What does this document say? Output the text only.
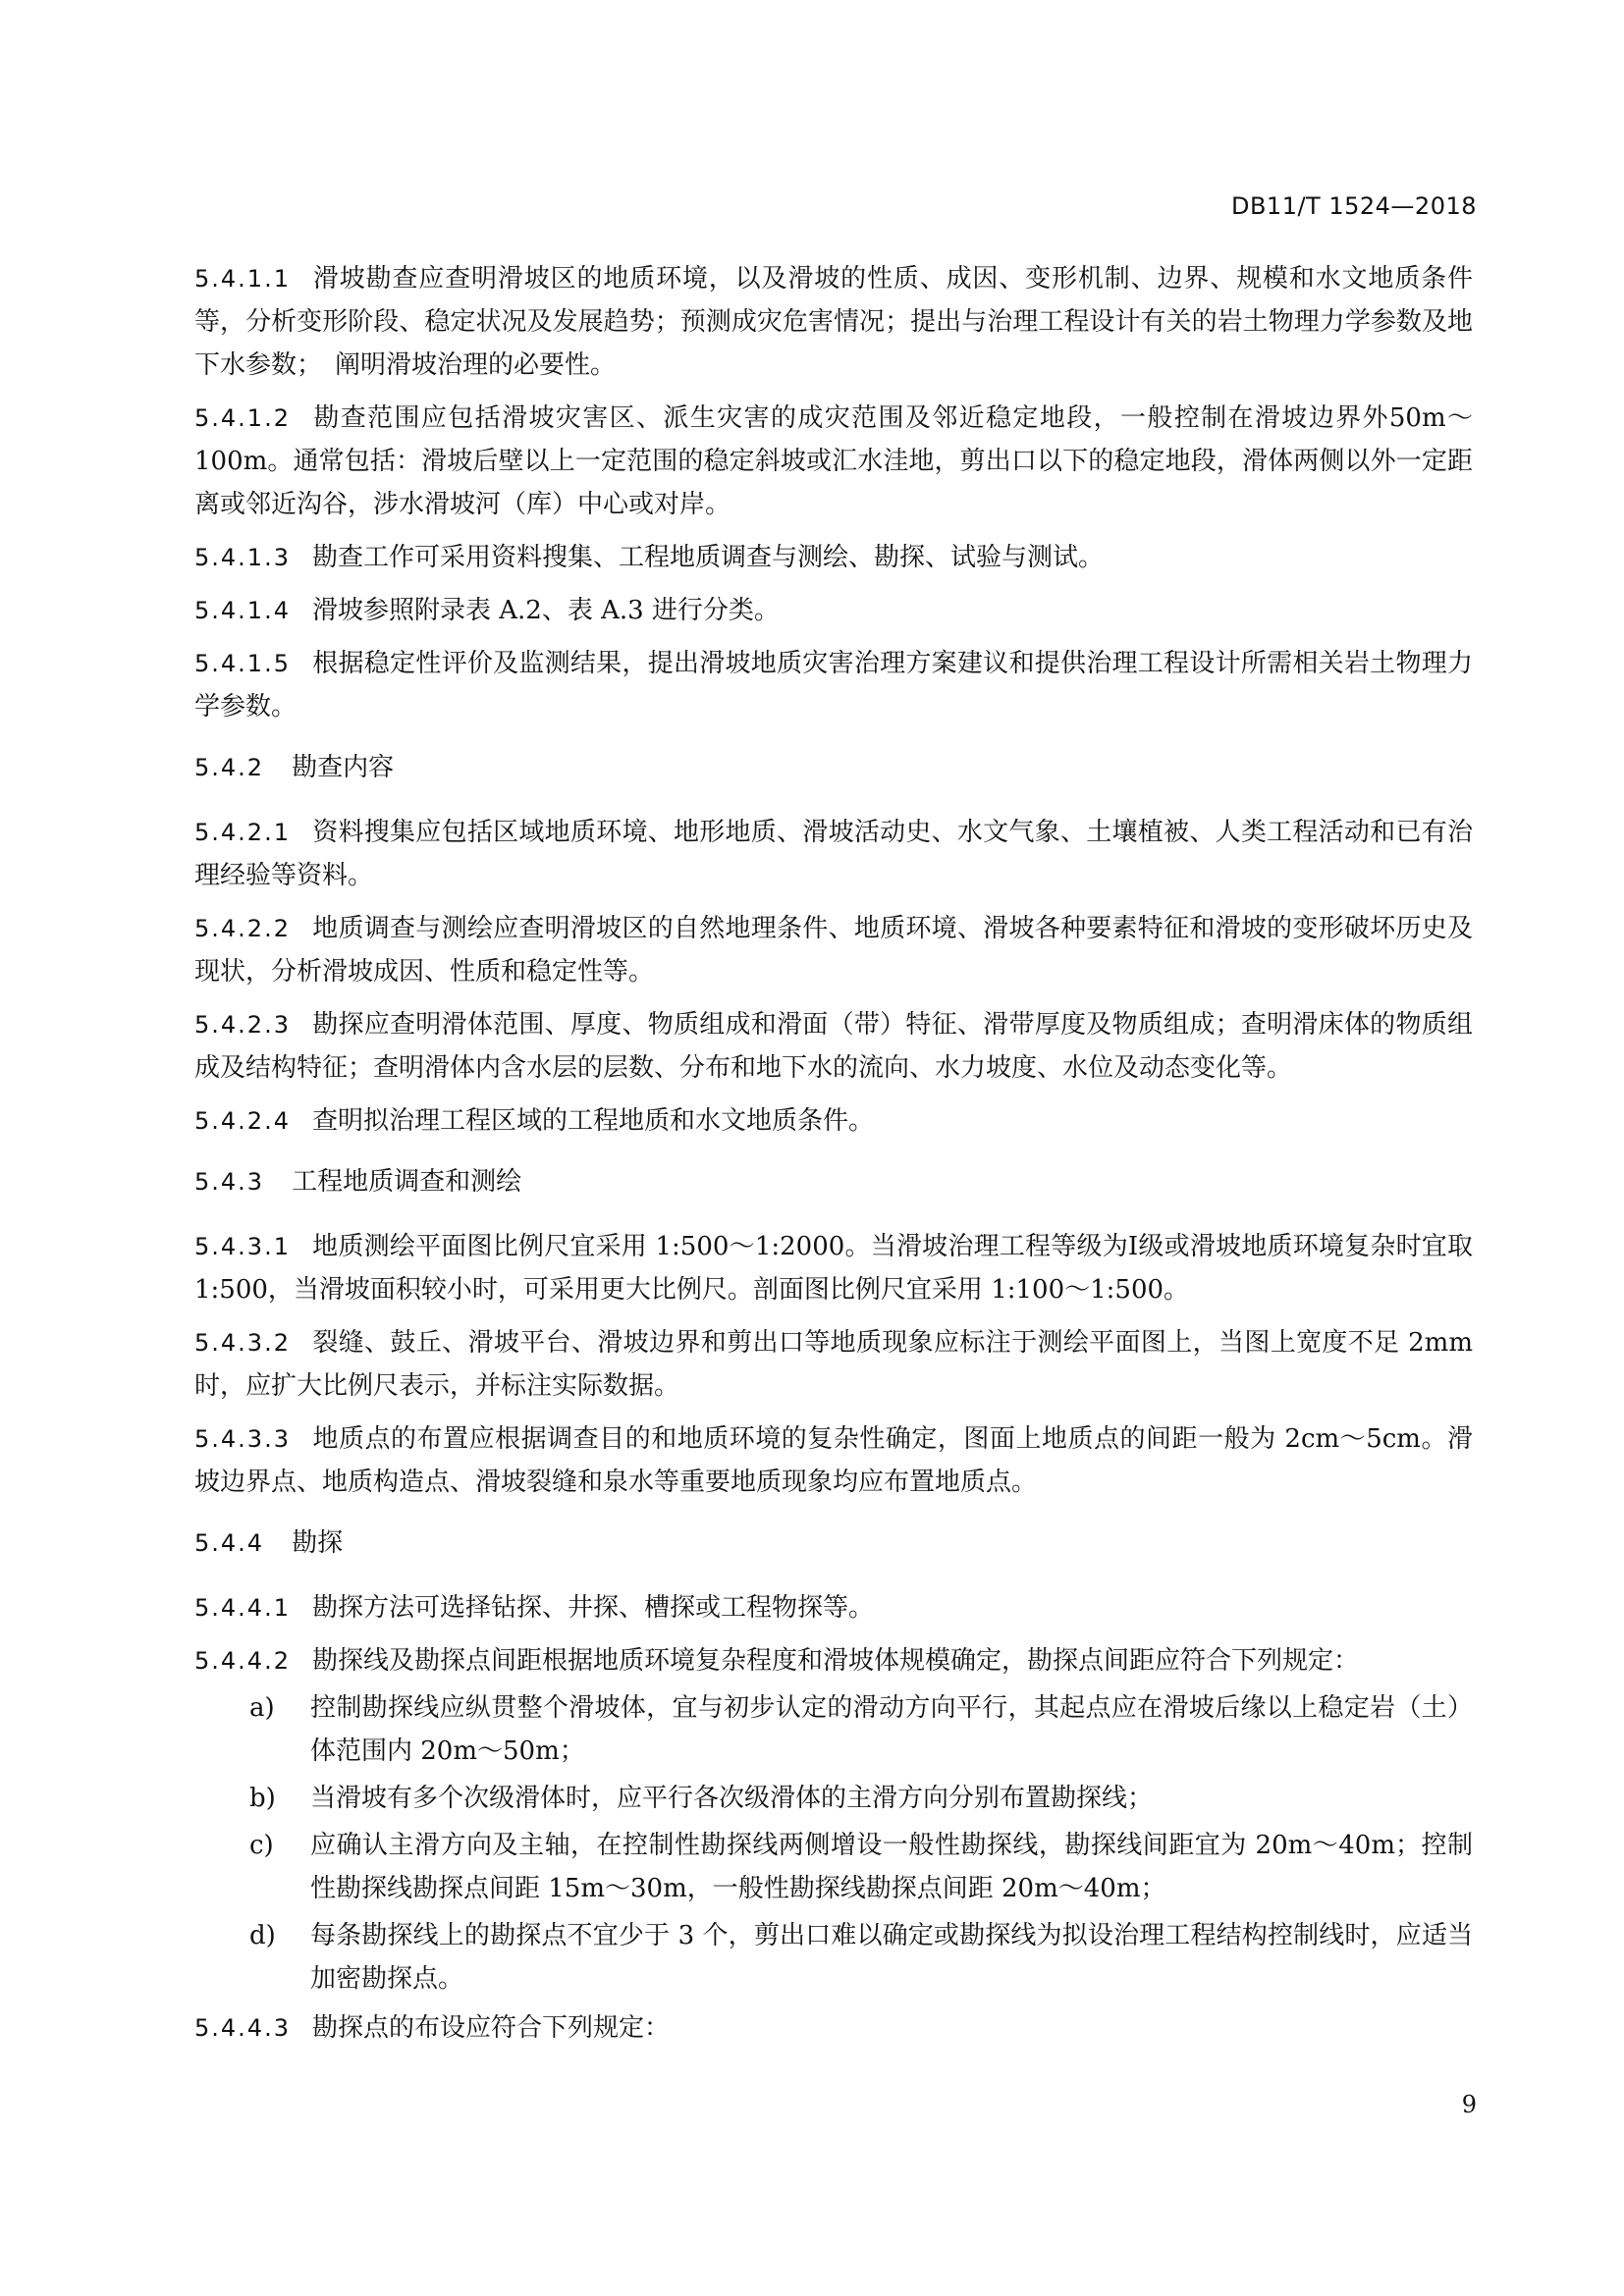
DB11/T 1524—2018

5.4.1.1 滑坡勘查应查明滑坡区的地质环境，以及滑坡的性质、成因、变形机制、边界、规模和水文地质条件等，分析变形阶段、稳定状况及发展趋势；预测成灾危害情况；提出与治理工程设计有关的岩土物理力学参数及地下水参数；　阐明滑坡治理的必要性。

5.4.1.2 勘查范围应包括滑坡灾害区、派生灾害的成灾范围及邻近稳定地段，一般控制在滑坡边界外50m～100m。通常包括：滑坡后壁以上一定范围的稳定斜坡或汇水洼地，剪出口以下的稳定地段，滑体两侧以外一定距离或邻近沟谷，涉水滑坡河（库）中心或对岸。

5.4.1.3 勘查工作可采用资料搜集、工程地质调查与测绘、勘探、试验与测试。

5.4.1.4 滑坡参照附录表 A.2、表 A.3 进行分类。

5.4.1.5 根据稳定性评价及监测结果，提出滑坡地质灾害治理方案建议和提供治理工程设计所需相关岩土物理力学参数。

5.4.2 勘查内容

5.4.2.1 资料搜集应包括区域地质环境、地形地质、滑坡活动史、水文气象、土壤植被、人类工程活动和已有治理经验等资料。

5.4.2.2 地质调查与测绘应查明滑坡区的自然地理条件、地质环境、滑坡各种要素特征和滑坡的变形破坏历史及现状，分析滑坡成因、性质和稳定性等。

5.4.2.3 勘探应查明滑体范围、厚度、物质组成和滑面（带）特征、滑带厚度及物质组成；查明滑床体的物质组成及结构特征；查明滑体内含水层的层数、分布和地下水的流向、水力坡度、水位及动态变化等。

5.4.2.4 查明拟治理工程区域的工程地质和水文地质条件。

5.4.3 工程地质调查和测绘

5.4.3.1 地质测绘平面图比例尺宜采用 1:500～1:2000。当滑坡治理工程等级为Ⅰ级或滑坡地质环境复杂时宜取 1:500，当滑坡面积较小时，可采用更大比例尺。剖面图比例尺宜采用 1:100～1:500。

5.4.3.2 裂缝、鼓丘、滑坡平台、滑坡边界和剪出口等地质现象应标注于测绘平面图上，当图上宽度不足 2mm 时，应扩大比例尺表示，并标注实际数据。

5.4.3.3 地质点的布置应根据调查目的和地质环境的复杂性确定，图面上地质点的间距一般为 2cm～5cm。滑坡边界点、地质构造点、滑坡裂缝和泉水等重要地质现象均应布置地质点。

5.4.4 勘探

5.4.4.1 勘探方法可选择钻探、井探、槽探或工程物探等。

5.4.4.2 勘探线及勘探点间距根据地质环境复杂程度和滑坡体规模确定，勘探点间距应符合下列规定：

a) 控制勘探线应纵贯整个滑坡体，宜与初步认定的滑动方向平行，其起点应在滑坡后缘以上稳定岩（土）体范围内 20m～50m；
b) 当滑坡有多个次级滑体时，应平行各次级滑体的主滑方向分别布置勘探线；
c) 应确认主滑方向及主轴，在控制性勘探线两侧增设一般性勘探线，勘探线间距宜为 20m～40m；控制性勘探线勘探点间距 15m～30m，一般性勘探线勘探点间距 20m～40m；
d) 每条勘探线上的勘探点不宜少于 3 个，剪出口难以确定或勘探线为拟设治理工程结构控制线时，应适当加密勘探点。

5.4.4.3 勘探点的布设应符合下列规定：

9
